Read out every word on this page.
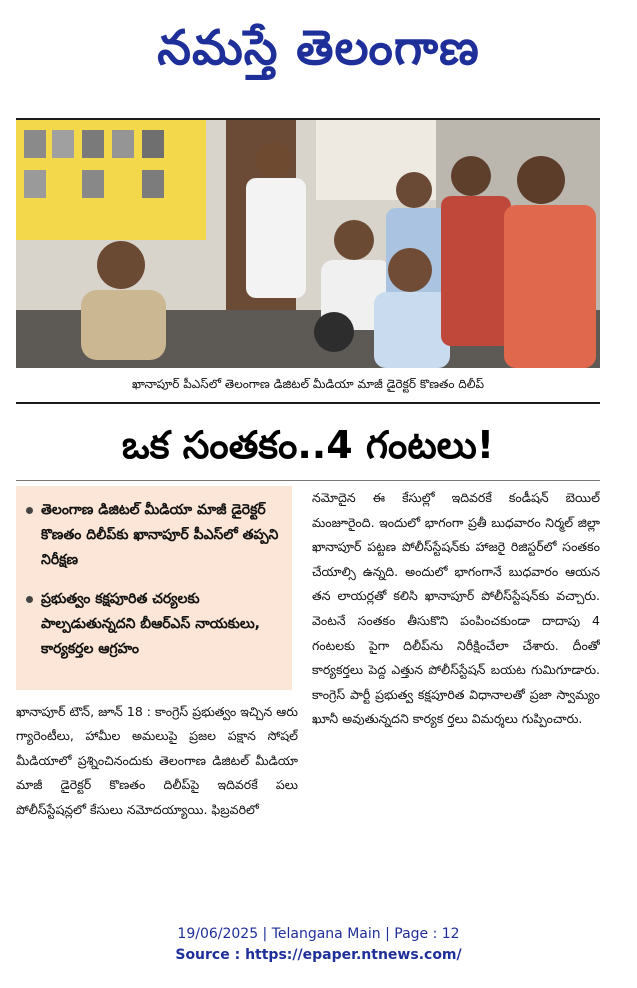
నమస్తే తెలంగాణ
ఖానాపూర్ పీఎస్‌లో తెలంగాణ డిజిటల్ మీడియా మాజీ డైరెక్టర్ కొణతం దిలీప్
ఒక సంతకం..4 గంటలు!
తెలంగాణ డిజిటల్ మీడియా మాజీ డైరెక్టర్ కొణతం దిలీప్‌కు ఖానాపూర్ పీఎస్‌లో తప్పని నిరీక్షణ
ప్రభుత్వం కక్షపూరిత చర్యలకు పాల్పడుతున్నదని బీఆర్‌ఎస్ నాయకులు, కార్యకర్తల ఆగ్రహం
ఖానాపూర్ టౌన్, జూన్ 18 : కాంగ్రెస్ ప్రభుత్వం ఇచ్చిన ఆరు గ్యారెంటీలు, హామీల అమలుపై ప్రజల పక్షాన సోషల్ మీడియాలో ప్రశ్నించినందుకు తెలంగాణ డిజిటల్ మీడియా మాజీ డైరెక్టర్ కొణతం దిలీప్‌పై ఇదివరకే పలు పోలీస్‌స్టేషన్లలో కేసులు నమోదయ్యాయి. ఫిబ్రవరిలో
నమోదైన ఈ కేసుల్లో ఇదివరకే కండీషన్ బెయిల్ మంజూరైంది. ఇందులో భాగంగా ప్రతీ బుధవారం నిర్మల్ జిల్లా ఖానాపూర్ పట్టణ పోలీస్‌స్టేషన్‌కు హాజరై రిజిస్టర్‌లో సంతకం చేయాల్సి ఉన్నది. అందులో భాగంగానే బుధవారం ఆయన తన లాయర్లతో కలిసి ఖానాపూర్ పోలీస్‌స్టేషన్‌కు వచ్చారు. వెంటనే సంతకం తీసుకొని పంపించకుండా దాదాపు 4 గంటలకు పైగా దిలీప్‌ను నిరీక్షించేలా చేశారు. దీంతో కార్యకర్తలు పెద్ద ఎత్తున పోలీస్‌స్టేషన్ బయట గుమిగూడారు. కాంగ్రెస్ పార్టీ ప్రభుత్వ కక్షపూరిత విధానాలతో ప్రజా స్వామ్యం ఖూనీ అవుతున్నదని కార్యక ర్తలు విమర్శలు గుప్పించారు.
19/06/2025 | Telangana Main | Page : 12
Source : https://epaper.ntnews.com/
